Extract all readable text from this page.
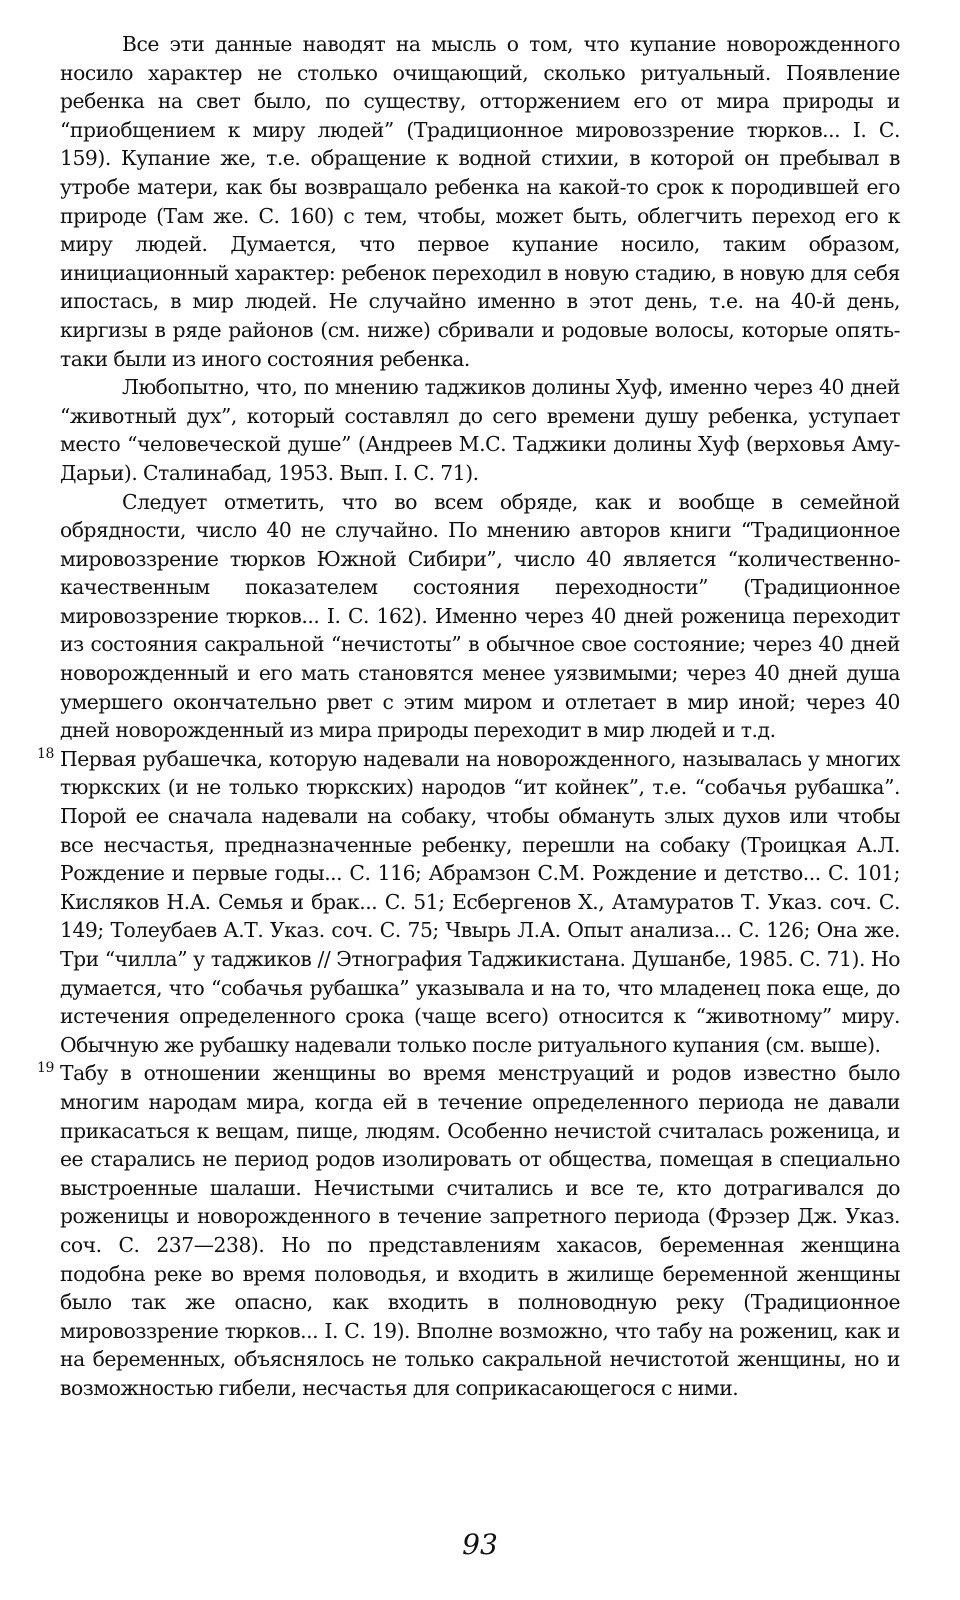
Все эти данные наводят на мысль о том, что купание новорожденного носило характер не столько очищающий, сколько ритуальный. Появление ребенка на свет было, по существу, отторжением его от мира природы и “приобщением к миру людей” (Традиционное мировоззрение тюрков... I. С. 159). Купание же, т.е. обращение к водной стихии, в которой он пребывал в утробе матери, как бы возвращало ребенка на какой-то срок к породившей его природе (Там же. С. 160) с тем, чтобы, может быть, облегчить переход его к миру людей. Думается, что первое купание носило, таким образом, инициационный характер: ребенок переходил в новую стадию, в новую для себя ипостась, в мир людей. Не случайно именно в этот день, т.е. на 40-й день, киргизы в ряде районов (см. ниже) сбривали и родовые волосы, которые опять-таки были из иного состояния ребенка.

Любопытно, что, по мнению таджиков долины Хуф, именно через 40 дней “животный дух”, который составлял до сего времени душу ребенка, уступает место “человеческой душе” (Андреев М.С. Таджики долины Хуф (верховья Аму-Дарьи). Сталинабад, 1953. Вып. I. С. 71).

Следует отметить, что во всем обряде, как и вообще в семейной обрядности, число 40 не случайно. По мнению авторов книги “Традиционное мировоззрение тюрков Южной Сибири”, число 40 является “количественно-качественным показателем состояния переходности” (Традиционное мировоззрение тюрков... I. С. 162). Именно через 40 дней роженица переходит из состояния сакральной “нечистоты” в обычное свое состояние; через 40 дней новорожденный и его мать становятся менее уязвимыми; через 40 дней душа умершего окончательно рвет с этим миром и отлетает в мир иной; через 40 дней новорожденный из мира природы переходит в мир людей и т.д.

18 Первая рубашечка, которую надевали на новорожденного, называлась у многих тюркских (и не только тюркских) народов “ит койнек”, т.е. “собачья рубашка”. Порой ее сначала надевали на собаку, чтобы обмануть злых духов или чтобы все несчастья, предназначенные ребенку, перешли на собаку (Троицкая А.Л. Рождение и первые годы... С. 116; Абрамзон С.М. Рождение и детство... С. 101; Кисляков Н.А. Семья и брак... С. 51; Есбергенов Х., Атамуратов Т. Указ. соч. С. 149; Толеубаев А.Т. Указ. соч. С. 75; Чвырь Л.А. Опыт анализа... С. 126; Она же. Три “чилла” у таджиков // Этнография Таджикистана. Душанбе, 1985. С. 71). Но думается, что “собачья рубашка” указывала и на то, что младенец пока еще, до истечения определенного срока (чаще всего) относится к “животному” миру. Обычную же рубашку надевали только после ритуального купания (см. выше).

19 Табу в отношении женщины во время менструаций и родов известно было многим народам мира, когда ей в течение определенного периода не давали прикасаться к вещам, пище, людям. Особенно нечистой считалась роженица, и ее старались не период родов изолировать от общества, помещая в специально выстроенные шалаши. Нечистыми считались и все те, кто дотрагивался до роженицы и новорожденного в течение запретного периода (Фрэзер Дж. Указ. соч. С. 237—238). Но по представлениям хакасов, беременная женщина подобна реке во время половодья, и входить в жилище беременной женщины было так же опасно, как входить в полноводную реку (Традиционное мировоззрение тюрков... I. С. 19). Вполне возможно, что табу на рожениц, как и на беременных, объяснялось не только сакральной нечистотой женщины, но и возможностью гибели, несчастья для соприкасающегося с ними.

93
